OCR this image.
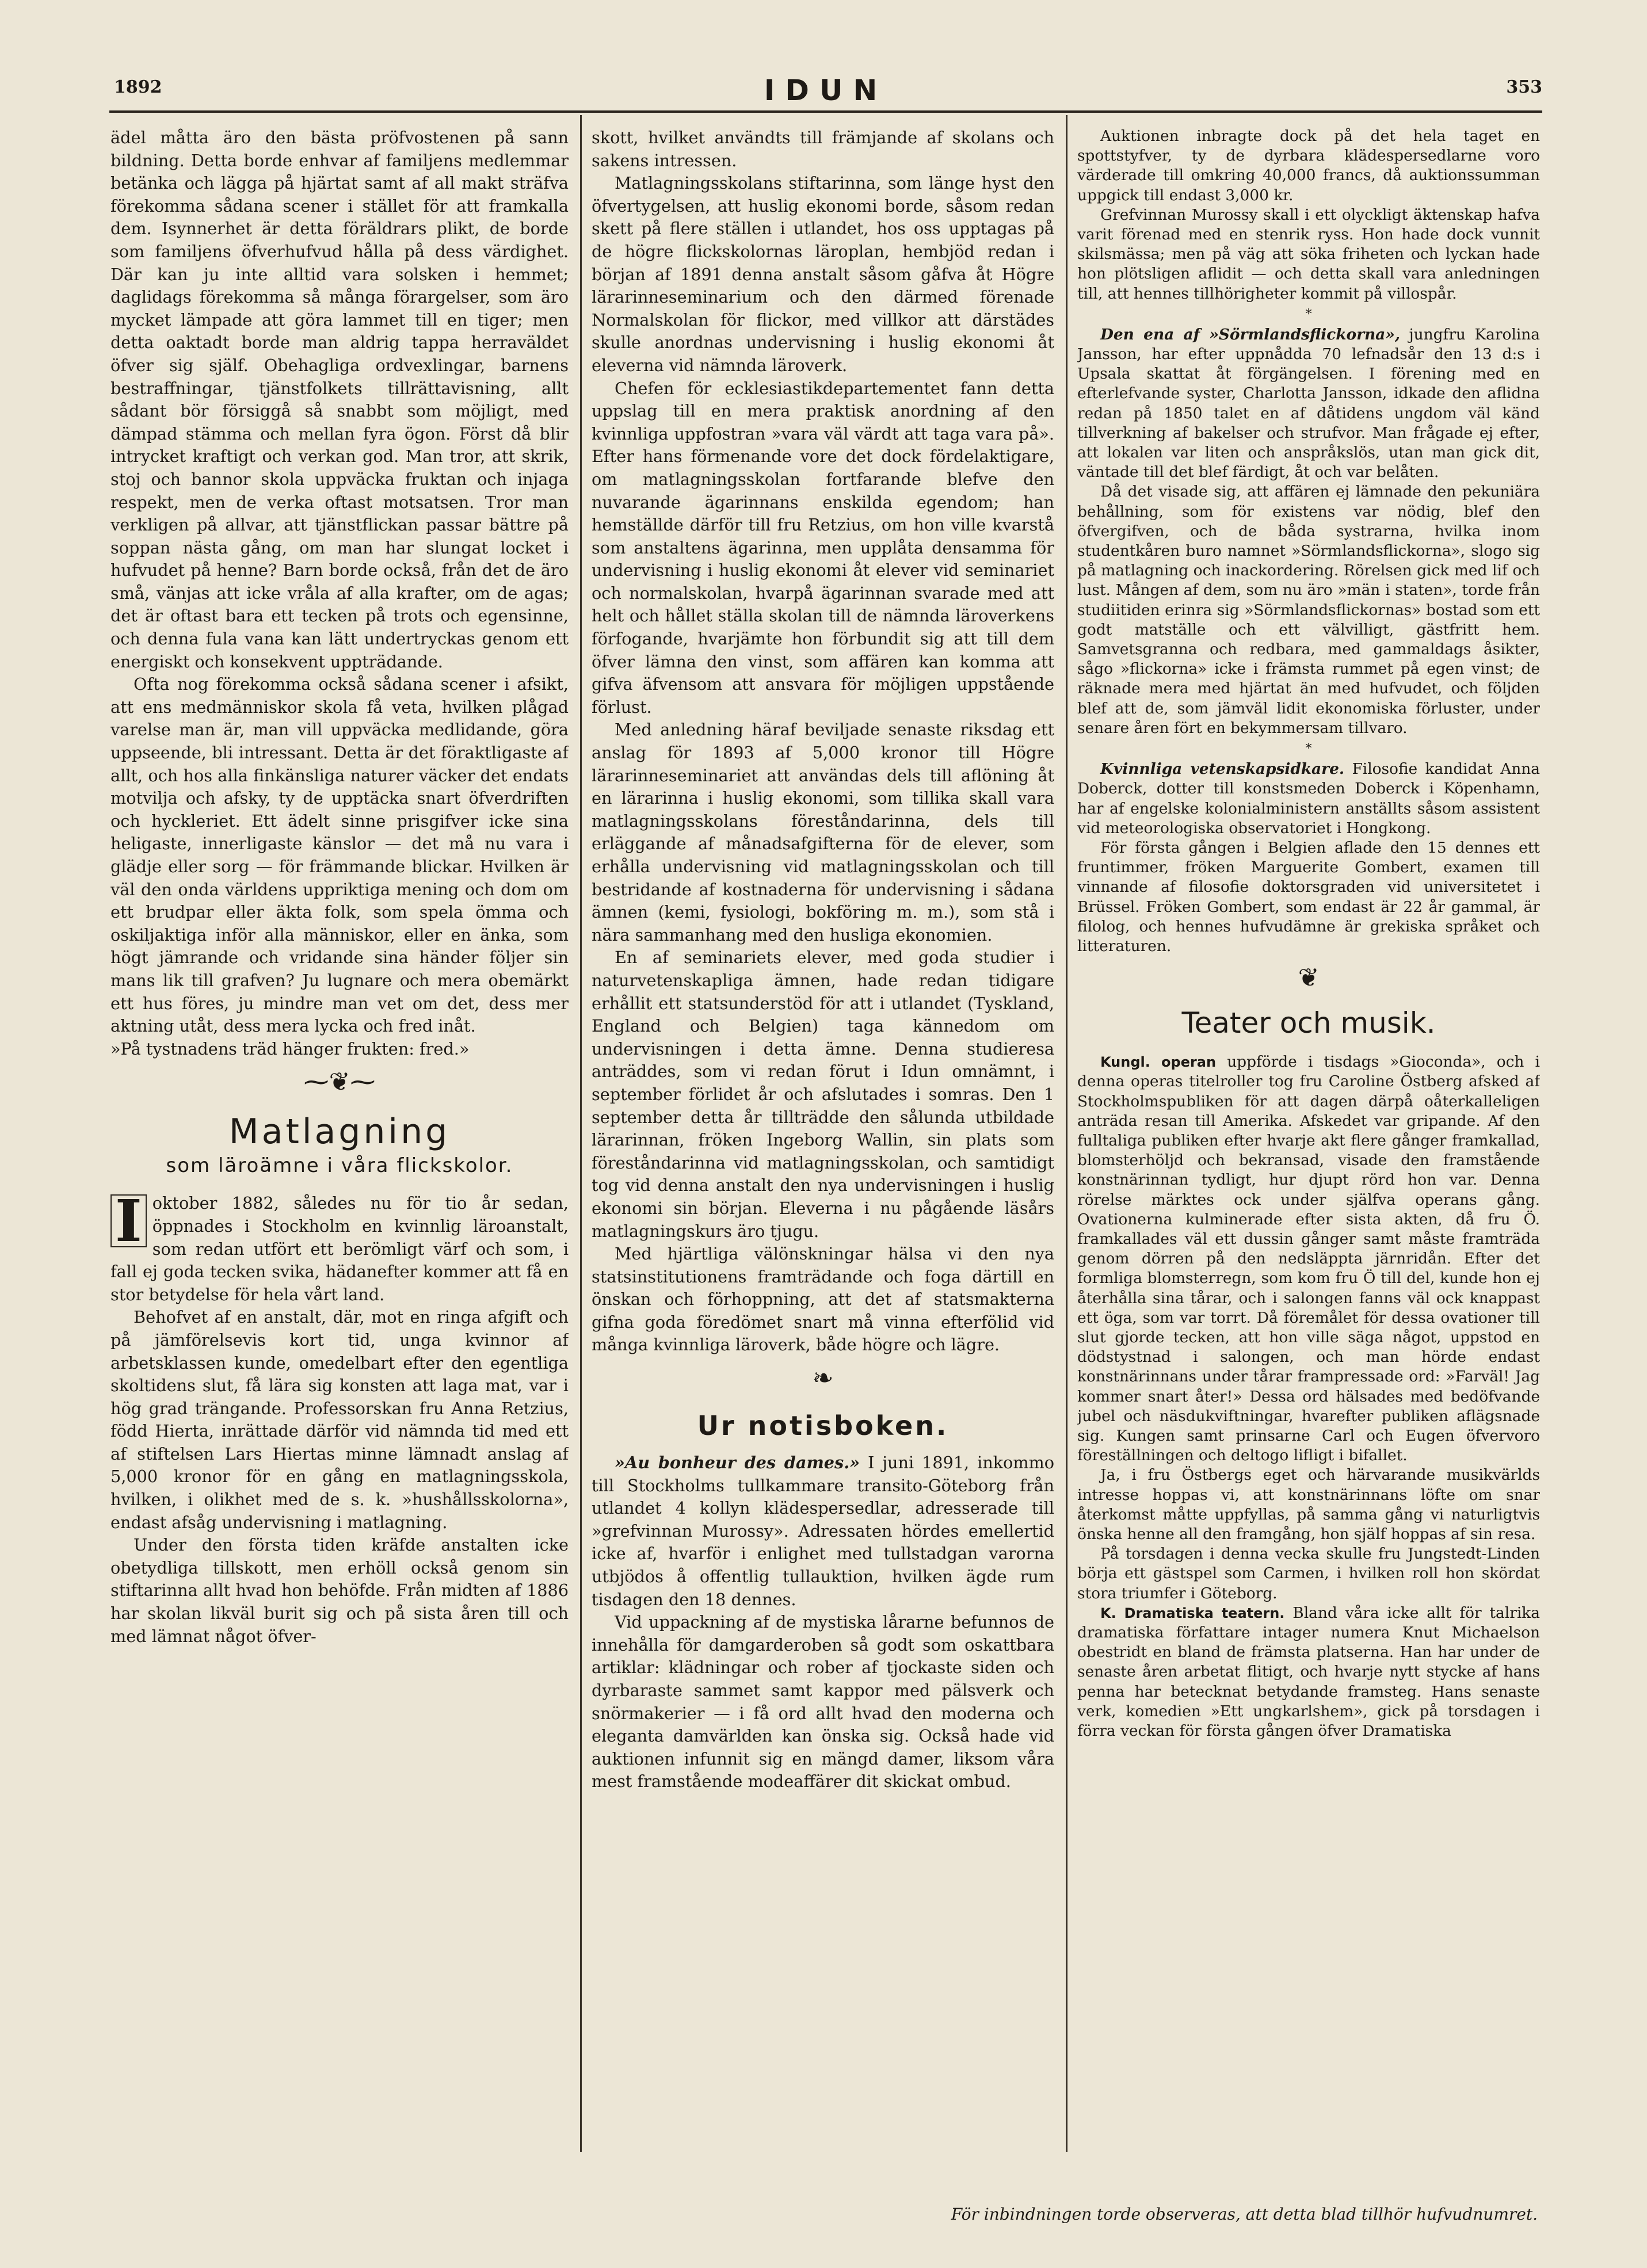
1892	IDUN	353

ädel måtta äro den bästa pröfvostenen på sann bildning. Detta borde enhvar af familjens medlemmar betänka och lägga på hjärtat samt af all makt sträfva förekomma sådana scener i stället för att framkalla dem. Isynnerhet är detta föräldrars plikt, de borde som familjens öfverhufvud hålla på dess värdighet. Där kan ju inte alltid vara solsken i hemmet; daglidags förekomma så många förargelser, som äro mycket lämpade att göra lammet till en tiger; men detta oaktadt borde man aldrig tappa herraväldet öfver sig själf. Obehagliga ordvexlingar, barnens bestraffningar, tjänstfolkets tillrättavisning, allt sådant bör försiggå så snabbt som möjligt, med dämpad stämma och mellan fyra ögon. Först då blir intrycket kraftigt och verkan god. Man tror, att skrik, stoj och bannor skola uppväcka fruktan och injaga respekt, men de verka oftast motsatsen. Tror man verkligen på allvar, att tjänstflickan passar bättre på soppan nästa gång, om man har slungat locket i hufvudet på henne? Barn borde också, från det de äro små, vänjas att icke vråla af alla krafter, om de agas; det är oftast bara ett tecken på trots och egensinne, och denna fula vana kan lätt undertryckas genom ett energiskt och konsekvent uppträdande.

Ofta nog förekomma också sådana scener i afsikt, att ens medmänniskor skola få veta, hvilken plågad varelse man är, man vill uppväcka medlidande, göra uppseende, bli intressant. Detta är det föraktligaste af allt, och hos alla finkänsliga naturer väcker det endats motvilja och afsky, ty de upptäcka snart öfverdriften och hyckleriet. Ett ädelt sinne prisgifver icke sina heligaste, innerligaste känslor — det må nu vara i glädje eller sorg — för främmande blickar. Hvilken är väl den onda världens uppriktiga mening och dom om ett brudpar eller äkta folk, som spela ömma och oskiljaktiga inför alla människor, eller en änka, som högt jämrande och vridande sina händer följer sin mans lik till grafven? Ju lugnare och mera obemärkt ett hus föres, ju mindre man vet om det, dess mer aktning utåt, dess mera lycka och fred inåt.

»På tystnadens träd hänger frukten: fred.»

⁓❦⁓
Matlagning
som läroämne i våra flickskolor.

I oktober 1882, således nu för tio år sedan, öppnades i Stockholm en kvinnlig läroanstalt, som redan utfört ett berömligt värf och som, i fall ej goda tecken svika, hädanefter kommer att få en stor betydelse för hela vårt land.

Behofvet af en anstalt, där, mot en ringa afgift och på jämförelsevis kort tid, unga kvinnor af arbetsklassen kunde, omedelbart efter den egentliga skoltidens slut, få lära sig konsten att laga mat, var i hög grad trängande. Professorskan fru Anna Retzius, född Hierta, inrättade därför vid nämnda tid med ett af stiftelsen Lars Hiertas minne lämnadt anslag af 5,000 kronor för en gång en matlagningsskola, hvilken, i olikhet med de s. k. »hushållsskolorna», endast afsåg undervisning i matlagning.

Under den första tiden kräfde anstalten icke obetydliga tillskott, men erhöll också genom sin stiftarinna allt hvad hon behöfde. Från midten af 1886 har skolan likväl burit sig och på sista åren till och med lämnat något öfver-

skott, hvilket användts till främjande af skolans och sakens intressen.

Matlagningsskolans stiftarinna, som länge hyst den öfvertygelsen, att huslig ekonomi borde, såsom redan skett på flere ställen i utlandet, hos oss upptagas på de högre flickskolornas läroplan, hembjöd redan i början af 1891 denna anstalt såsom gåfva åt Högre lärarinneseminarium och den därmed förenade Normalskolan för flickor, med villkor att därstädes skulle anordnas undervisning i huslig ekonomi åt eleverna vid nämnda läroverk.

Chefen för ecklesiastikdepartementet fann detta uppslag till en mera praktisk anordning af den kvinnliga uppfostran »vara väl värdt att taga vara på». Efter hans förmenande vore det dock fördelaktigare, om matlagningsskolan fortfarande blefve den nuvarande ägarinnans enskilda egendom; han hemställde därför till fru Retzius, om hon ville kvarstå som anstaltens ägarinna, men upplåta densamma för undervisning i huslig ekonomi åt elever vid seminariet och normalskolan, hvarpå ägarinnan svarade med att helt och hållet ställa skolan till de nämnda läroverkens förfogande, hvarjämte hon förbundit sig att till dem öfver lämna den vinst, som affären kan komma att gifva äfvensom att ansvara för möjligen uppstående förlust.

Med anledning häraf beviljade senaste riksdag ett anslag för 1893 af 5,000 kronor till Högre lärarinneseminariet att användas dels till aflöning åt en lärarinna i huslig ekonomi, som tillika skall vara matlagningsskolans föreståndarinna, dels till erläggande af månadsafgifterna för de elever, som erhålla undervisning vid matlagningsskolan och till bestridande af kostnaderna för undervisning i sådana ämnen (kemi, fysiologi, bokföring m. m.), som stå i nära sammanhang med den husliga ekonomien.

En af seminariets elever, med goda studier i naturvetenskapliga ämnen, hade redan tidigare erhållit ett statsunderstöd för att i utlandet (Tyskland, England och Belgien) taga kännedom om undervisningen i detta ämne. Denna studieresa anträddes, som vi redan förut i Idun omnämnt, i september förlidet år och afslutades i somras. Den 1 september detta år tillträdde den sålunda utbildade lärarinnan, fröken Ingeborg Wallin, sin plats som föreståndarinna vid matlagningsskolan, och samtidigt tog vid denna anstalt den nya undervisningen i huslig ekonomi sin början. Eleverna i nu pågående läsårs matlagningskurs äro tjugu.

Med hjärtliga välönskningar hälsa vi den nya statsinstitutionens framträdande och foga därtill en önskan och förhoppning, att det af statsmakterna gifna goda föredömet snart må vinna efterfölid vid många kvinnliga läroverk, både högre och lägre.

❧
Ur notisboken.

»Au bonheur des dames.» I juni 1891, inkommo till Stockholms tullkammare transito-Göteborg från utlandet 4 kollyn klädespersedlar, adresserade till »grefvinnan Murossy». Adressaten hördes emellertid icke af, hvarför i enlighet med tullstadgan varorna utbjödos å offentlig tullauktion, hvilken ägde rum tisdagen den 18 dennes.

Vid uppackning af de mystiska lårarne befunnos de innehålla för damgarderoben så godt som oskattbara artiklar: klädningar och rober af tjockaste siden och dyrbaraste sammet samt kappor med pälsverk och snörmakerier — i få ord allt hvad den moderna och eleganta damvärlden kan önska sig. Också hade vid auktionen infunnit sig en mängd damer, liksom våra mest framstående modeaffärer dit skickat ombud.

Auktionen inbragte dock på det hela taget en spottstyfver, ty de dyrbara klädespersedlarne voro värderade till omkring 40,000 francs, då auktionssumman uppgick till endast 3,000 kr.

Grefvinnan Murossy skall i ett olyckligt äktenskap hafva varit förenad med en stenrik ryss. Hon hade dock vunnit skilsmässa; men på väg att söka friheten och lyckan hade hon plötsligen aflidit — och detta skall vara anledningen till, att hennes tillhörigheter kommit på villospår.

*

Den ena af »Sörmlandsflickorna», jungfru Karolina Jansson, har efter uppnådda 70 lefnadsår den 13 d:s i Upsala skattat åt förgängelsen. I förening med en efterlefvande syster, Charlotta Jansson, idkade den aflidna redan på 1850 talet en af dåtidens ungdom väl känd tillverkning af bakelser och strufvor. Man frågade ej efter, att lokalen var liten och anspråkslös, utan man gick dit, väntade till det blef färdigt, åt och var belåten.

Då det visade sig, att affären ej lämnade den pekuniära behållning, som för existens var nödig, blef den öfvergifven, och de båda systrarna, hvilka inom studentkåren buro namnet »Sörmlandsflickorna», slogo sig på matlagning och inackordering. Rörelsen gick med lif och lust. Mången af dem, som nu äro »män i staten», torde från studiitiden erinra sig »Sörmlandsflickornas» bostad som ett godt matställe och ett välvilligt, gästfritt hem. Samvetsgranna och redbara, med gammaldags åsikter, sågo »flickorna» icke i främsta rummet på egen vinst; de räknade mera med hjärtat än med hufvudet, och följden blef att de, som jämväl lidit ekonomiska förluster, under senare åren fört en bekymmersam tillvaro.

*

Kvinnliga vetenskapsidkare. Filosofie kandidat Anna Doberck, dotter till konstsmeden Doberck i Köpenhamn, har af engelske kolonialministern anställts såsom assistent vid meteorologiska observatoriet i Hongkong.

För första gången i Belgien aflade den 15 dennes ett fruntimmer, fröken Marguerite Gombert, examen till vinnande af filosofie doktorsgraden vid universitetet i Brüssel. Fröken Gombert, som endast är 22 år gammal, är filolog, och hennes hufvudämne är grekiska språket och litteraturen.

❦
Teater och musik.

Kungl. operan uppförde i tisdags »Gioconda», och i denna operas titelroller tog fru Caroline Östberg afsked af Stockholmspubliken för att dagen därpå oåterkalleligen anträda resan till Amerika. Afskedet var gripande. Af den fulltaliga publiken efter hvarje akt flere gånger framkallad, blomsterhöljd och bekransad, visade den framstående konstnärinnan tydligt, hur djupt rörd hon var. Denna rörelse märktes ock under själfva operans gång. Ovationerna kulminerade efter sista akten, då fru Ö. framkallades väl ett dussin gånger samt måste framträda genom dörren på den nedsläppta järnridån. Efter det formliga blomsterregn, som kom fru Ö till del, kunde hon ej återhålla sina tårar, och i salongen fanns väl ock knappast ett öga, som var torrt. Då föremålet för dessa ovationer till slut gjorde tecken, att hon ville säga något, uppstod en dödstystnad i salongen, och man hörde endast konstnärinnans under tårar frampressade ord: »Farväl! Jag kommer snart åter!» Dessa ord hälsades med bedöfvande jubel och näsdukviftningar, hvarefter publiken aflägsnade sig. Kungen samt prinsarne Carl och Eugen öfvervoro föreställningen och deltogo lifligt i bifallet.

Ja, i fru Östbergs eget och härvarande musikvärlds intresse hoppas vi, att konstnärinnans löfte om snar återkomst måtte uppfyllas, på samma gång vi naturligtvis önska henne all den framgång, hon själf hoppas af sin resa.

På torsdagen i denna vecka skulle fru Jungstedt-Linden börja ett gästspel som Carmen, i hvilken roll hon skördat stora triumfer i Göteborg.

K. Dramatiska teatern. Bland våra icke allt för talrika dramatiska författare intager numera Knut Michaelson obestridt en bland de främsta platserna. Han har under de senaste åren arbetat flitigt, och hvarje nytt stycke af hans penna har betecknat betydande framsteg. Hans senaste verk, komedien »Ett ungkarlshem», gick på torsdagen i förra veckan för första gången öfver Dramatiska

För inbindningen torde observeras, att detta blad tillhör hufvudnumret.
